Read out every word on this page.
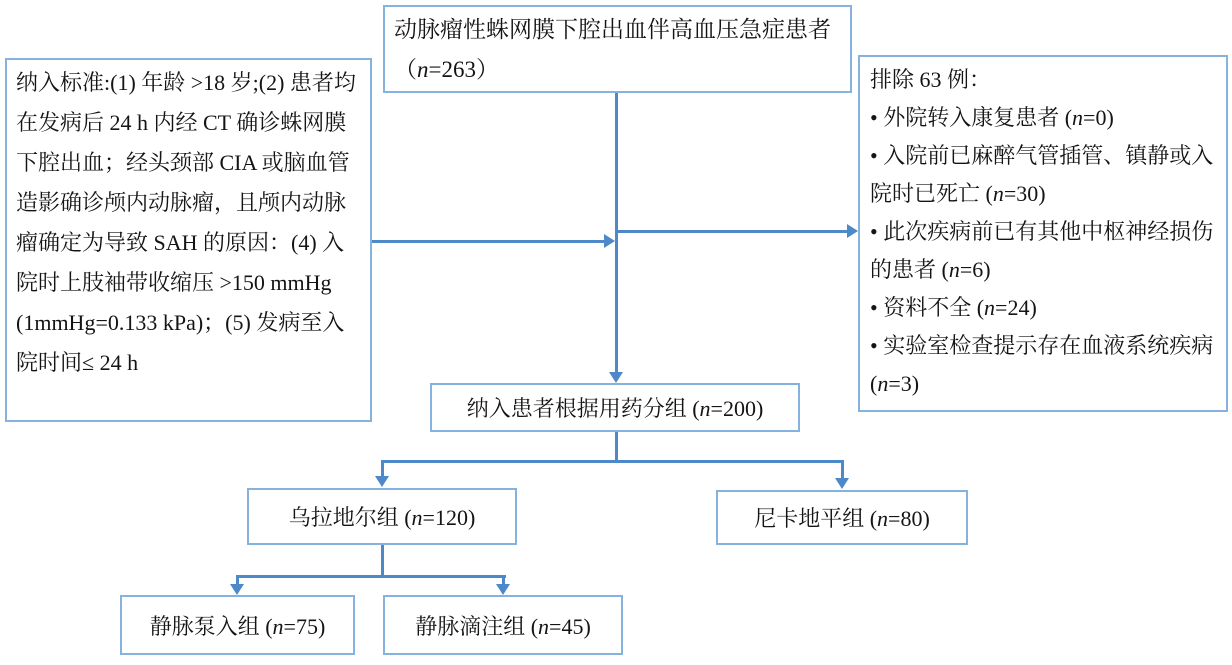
动脉瘤性蛛网膜下腔出血伴高血压急症患者（n=263）
纳入标准:(1) 年龄 >18 岁;(2) 患者均在发病后 24 h 内经 CT 确诊蛛网膜下腔出血；经头颈部 CIA 或脑血管造影确诊颅内动脉瘤，且颅内动脉瘤确定为导致 SAH 的原因：(4) 入院时上肢袖带收缩压 >150 mmHg (1mmHg=0.133 kPa)；(5) 发病至入院时间≤ 24 h
排除 63 例：
• 外院转入康复患者 (n=0)
• 入院前已麻醉气管插管、镇静或入院时已死亡 (n=30)
• 此次疾病前已有其他中枢神经损伤的患者 (n=6)
• 资料不全 (n=24)
• 实验室检查提示存在血液系统疾病 (n=3)
纳入患者根据用药分组 (n=200)
乌拉地尔组 (n=120)	尼卡地平组 (n=80)
静脉泵入组 (n=75)	静脉滴注组 (n=45)
